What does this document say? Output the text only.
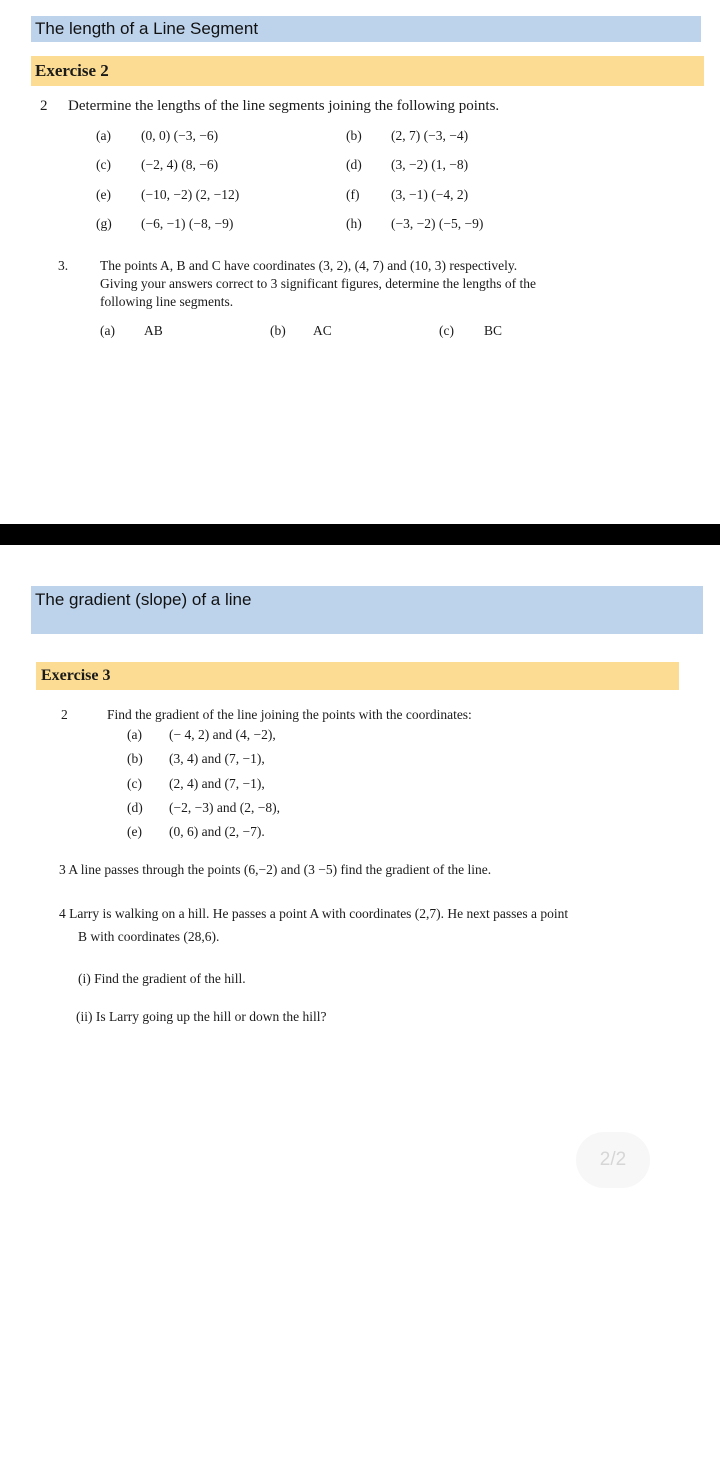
The length of a Line Segment
Exercise 2
2 Determine the lengths of the line segments joining the following points.
(a) (0, 0) (−3, −6)	(b) (2, 7) (−3, −4)
(c) (−2, 4) (8, −6)	(d) (3, −2) (1, −8)
(e) (−10, −2) (2, −12)	(f) (3, −1) (−4, 2)
(g) (−6, −1) (−8, −9)	(h) (−3, −2) (−5, −9)
3. The points A, B and C have coordinates (3, 2), (4, 7) and (10, 3) respectively.
Giving your answers correct to 3 significant figures, determine the lengths of the
following line segments.
(a) AB	(b) AC	(c) BC
The gradient (slope) of a line
Exercise 3
2	Find the gradient of the line joining the points with the coordinates:
(a) (− 4, 2) and (4, −2),
(b) (3, 4) and (7, −1),
(c) (2, 4) and (7, −1),
(d) (−2, −3) and (2, −8),
(e) (0, 6) and (2, −7).
3 A line passes through the points (6,−2) and (3 −5) find the gradient of the line.
4 Larry is walking on a hill. He passes a point A with coordinates (2,7). He next passes a point
B with coordinates (28,6).
(i) Find the gradient of the hill.
(ii) Is Larry going up the hill or down the hill?
2/2
